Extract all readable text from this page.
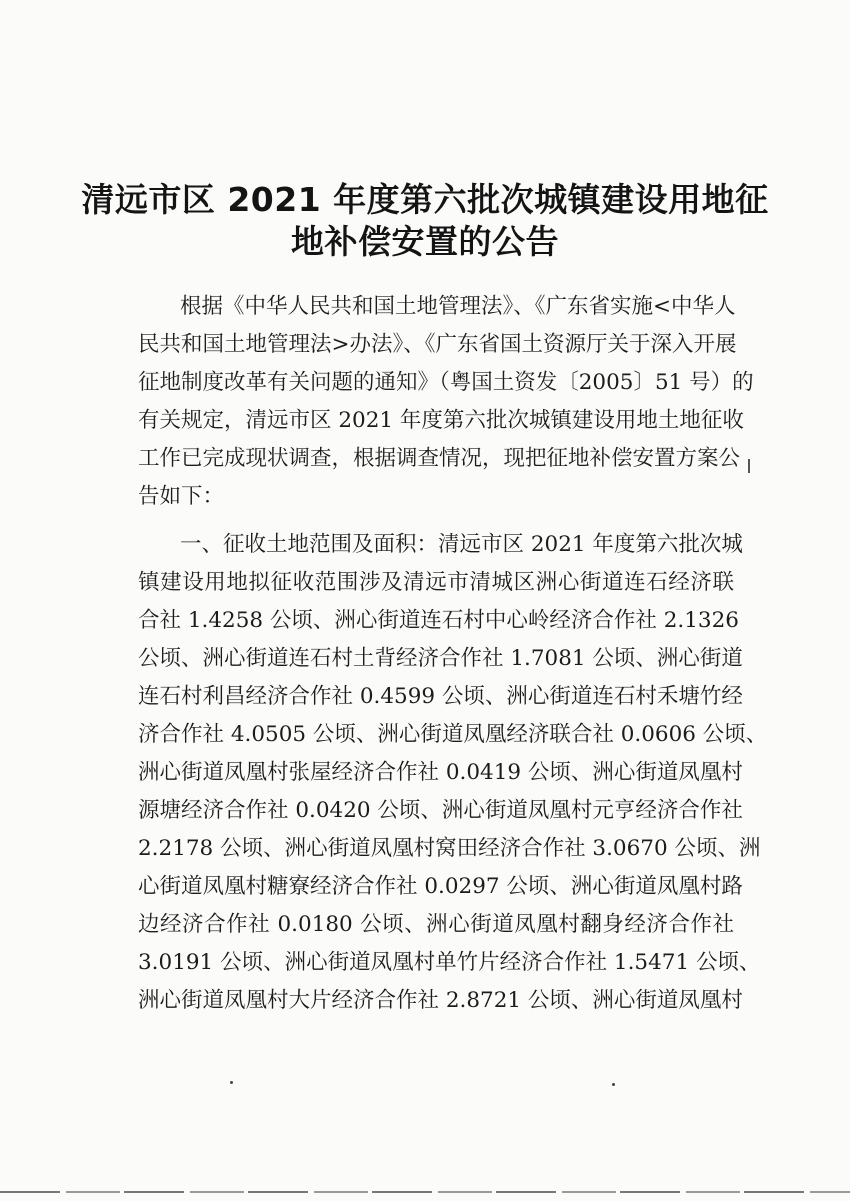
清远市区 2021 年度第六批次城镇建设用地征
地补偿安置的公告
根据《中华人民共和国土地管理法》、《广东省实施<中华人
民共和国土地管理法>办法》、《广东省国土资源厅关于深入开展
征地制度改革有关问题的通知》（粤国土资发〔2005〕51 号）的
有关规定，清远市区 2021 年度第六批次城镇建设用地土地征收
工作已完成现状调查，根据调查情况，现把征地补偿安置方案公
告如下：
一、征收土地范围及面积：清远市区 2021 年度第六批次城
镇建设用地拟征收范围涉及清远市清城区洲心街道连石经济联
合社 1.4258 公顷、洲心街道连石村中心岭经济合作社 2.1326
公顷、洲心街道连石村土背经济合作社 1.7081 公顷、洲心街道
连石村利昌经济合作社 0.4599 公顷、洲心街道连石村禾塘竹经
济合作社 4.0505 公顷、洲心街道凤凰经济联合社 0.0606 公顷、
洲心街道凤凰村张屋经济合作社 0.0419 公顷、洲心街道凤凰村
源塘经济合作社 0.0420 公顷、洲心街道凤凰村元亨经济合作社
2.2178 公顷、洲心街道凤凰村窝田经济合作社 3.0670 公顷、洲
心街道凤凰村糖寮经济合作社 0.0297 公顷、洲心街道凤凰村路
边经济合作社 0.0180 公顷、洲心街道凤凰村翻身经济合作社
3.0191 公顷、洲心街道凤凰村单竹片经济合作社 1.5471 公顷、
洲心街道凤凰村大片经济合作社 2.8721 公顷、洲心街道凤凰村
